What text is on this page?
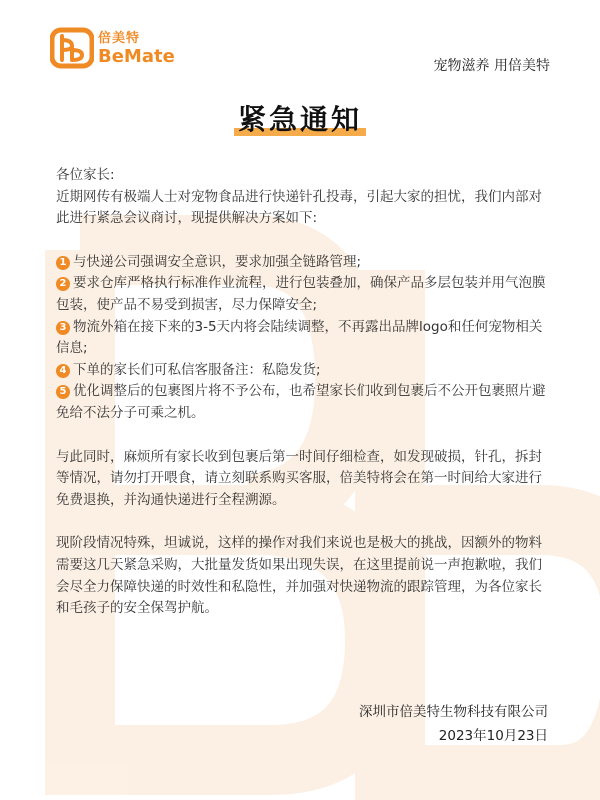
倍美特
BeMate	宠物滋养 用倍美特
紧急通知

各位家长:

近期网传有极端人士对宠物食品进行快递针孔投毒，引起大家的担忧，我们内部对此进行紧急会议商讨，现提供解决方案如下:

1 与快递公司强调安全意识，要求加强全链路管理;

2 要求仓库严格执行标准作业流程，进行包装叠加，确保产品多层包装并用气泡膜包装，使产品不易受到损害，尽力保障安全;

3 物流外箱在接下来的3-5天内将会陆续调整，不再露出品牌logo和任何宠物相关信息;

4 下单的家长们可私信客服备注：私隐发货;

5 优化调整后的包裹图片将不予公布，也希望家长们收到包裹后不公开包裹照片避免给不法分子可乘之机。

与此同时，麻烦所有家长收到包裹后第一时间仔细检查，如发现破损，针孔，拆封等情况，请勿打开喂食，请立刻联系购买客服，倍美特将会在第一时间给大家进行免费退换，并沟通快递进行全程溯源。

现阶段情况特殊，坦诚说，这样的操作对我们来说也是极大的挑战，因额外的物料需要这几天紧急采购，大批量发货如果出现失误，在这里提前说一声抱歉啦，我们会尽全力保障快递的时效性和私隐性，并加强对快递物流的跟踪管理，为各位家长和毛孩子的安全保驾护航。

深圳市倍美特生物科技有限公司
2023年10月23日
